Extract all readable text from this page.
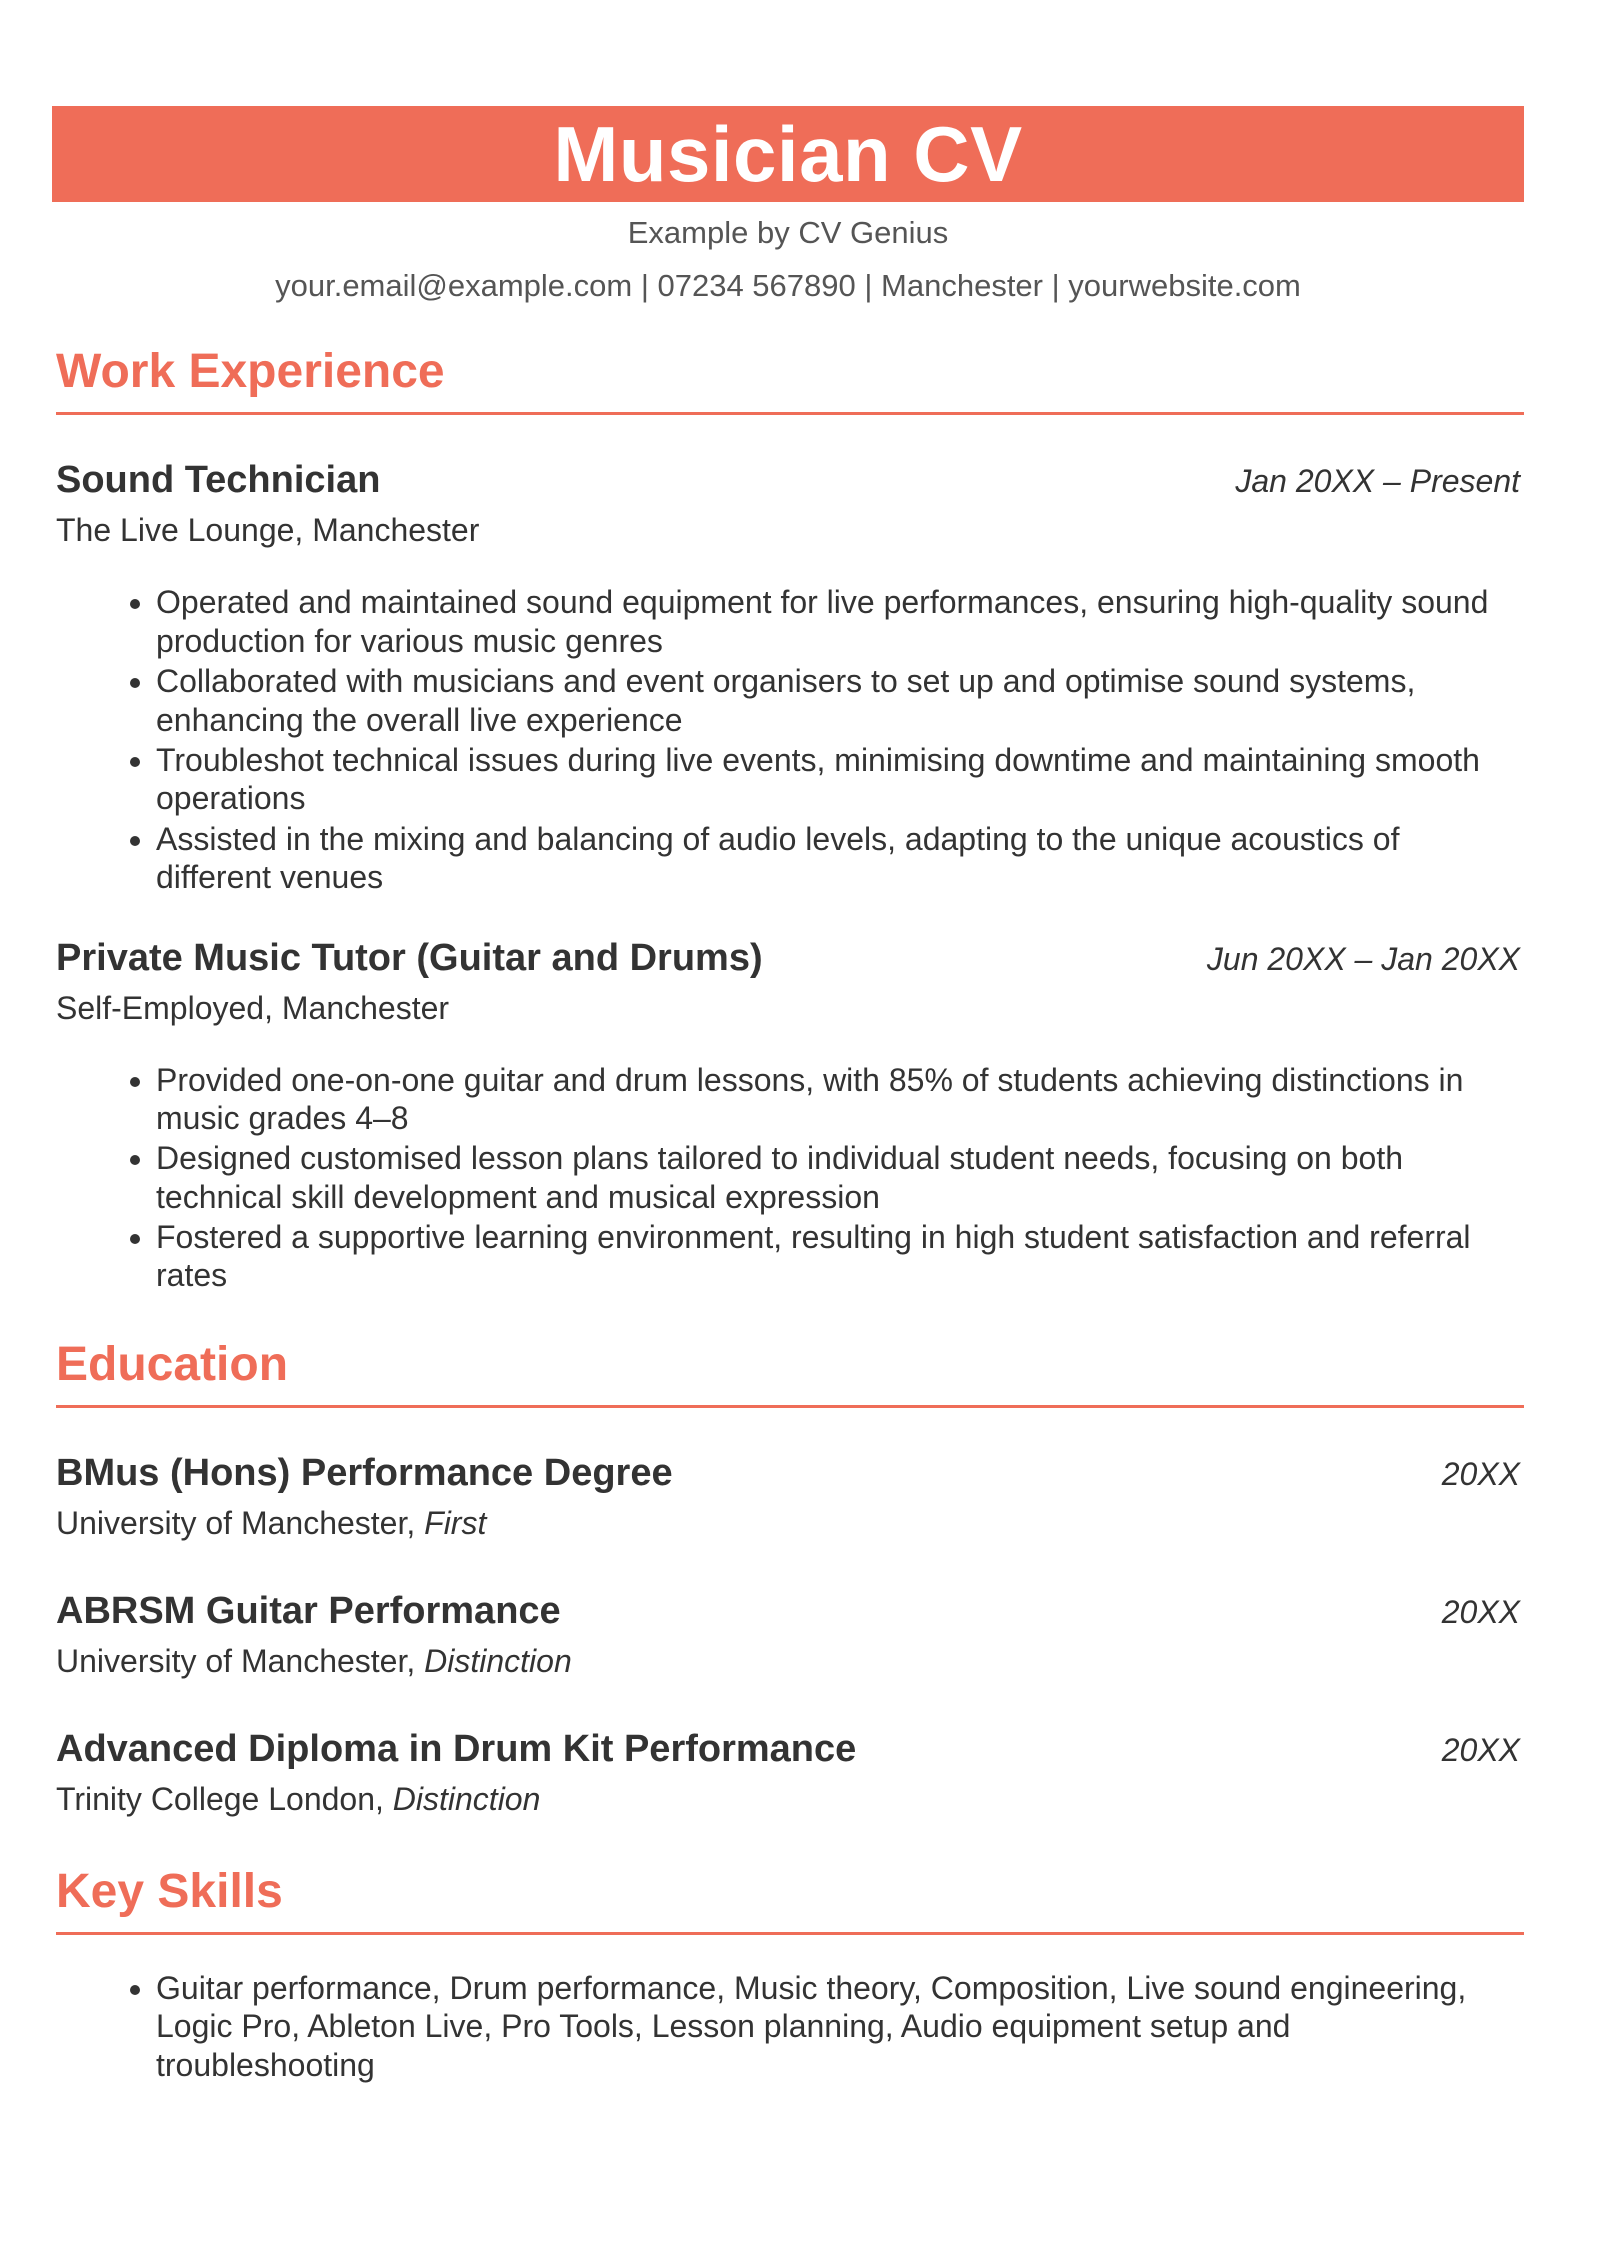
Musician CV
Example by CV Genius
your.email@example.com | 07234 567890 | Manchester | yourwebsite.com
Work Experience
Sound Technician	Jan 20XX – Present
The Live Lounge, Manchester
• Operated and maintained sound equipment for live performances, ensuring high-quality sound production for various music genres
• Collaborated with musicians and event organisers to set up and optimise sound systems, enhancing the overall live experience
• Troubleshot technical issues during live events, minimising downtime and maintaining smooth operations
• Assisted in the mixing and balancing of audio levels, adapting to the unique acoustics of different venues
Private Music Tutor (Guitar and Drums)	Jun 20XX – Jan 20XX
Self-Employed, Manchester
• Provided one-on-one guitar and drum lessons, with 85% of students achieving distinctions in music grades 4–8
• Designed customised lesson plans tailored to individual student needs, focusing on both technical skill development and musical expression
• Fostered a supportive learning environment, resulting in high student satisfaction and referral rates
Education
BMus (Hons) Performance Degree	20XX
University of Manchester, First
ABRSM Guitar Performance	20XX
University of Manchester, Distinction
Advanced Diploma in Drum Kit Performance	20XX
Trinity College London, Distinction
Key Skills
• Guitar performance, Drum performance, Music theory, Composition, Live sound engineering, Logic Pro, Ableton Live, Pro Tools, Lesson planning, Audio equipment setup and troubleshooting
